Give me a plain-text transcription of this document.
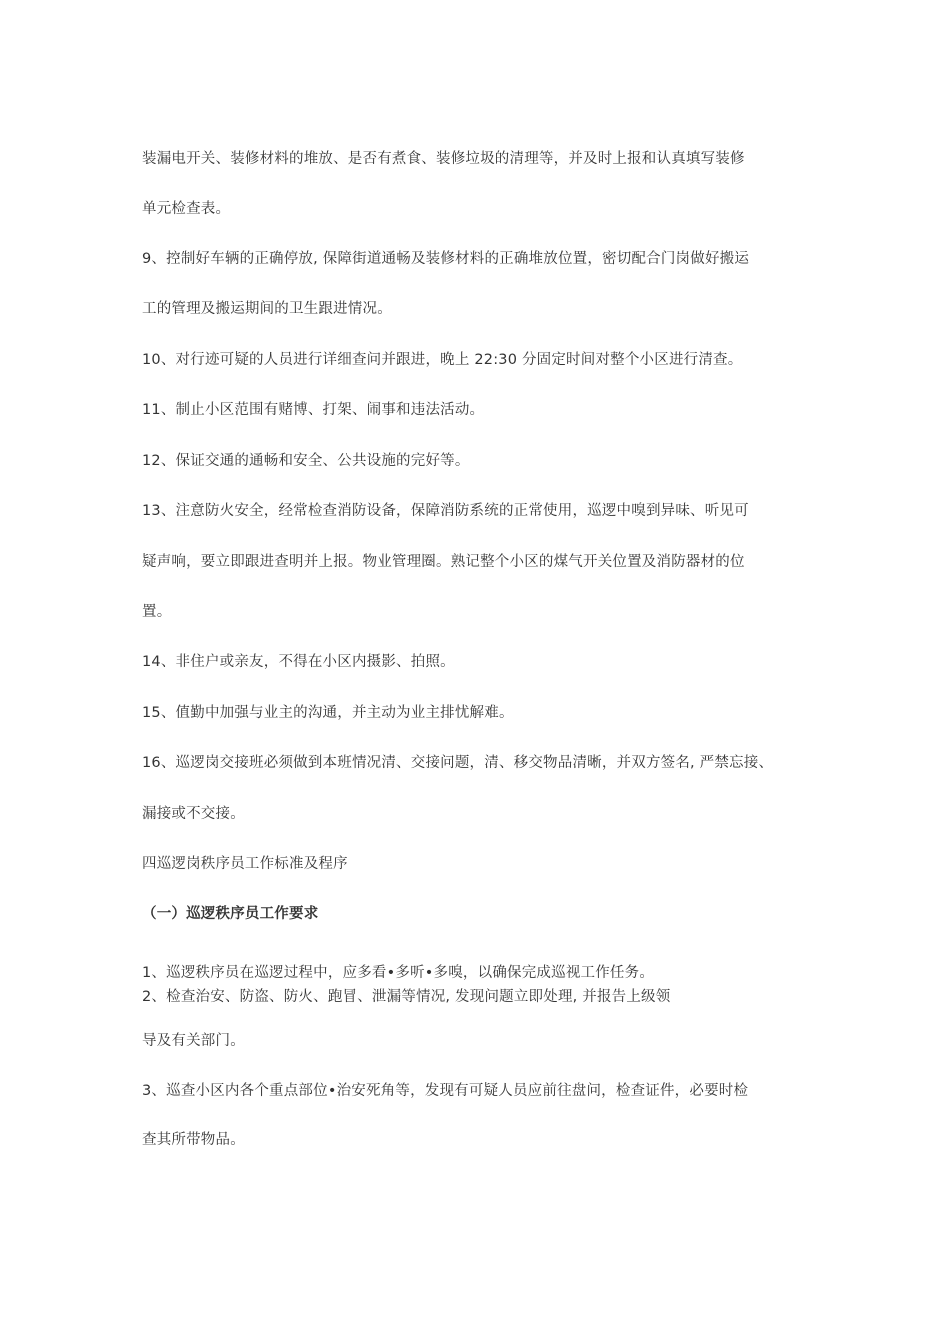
装漏电开关、装修材料的堆放、是否有煮食、装修垃圾的清理等，并及时上报和认真填写装修
单元检查表。
9、控制好车辆的正确停放, 保障街道通畅及装修材料的正确堆放位置，密切配合门岗做好搬运
工的管理及搬运期间的卫生跟进情况。
10、对行迹可疑的人员进行详细查问并跟进，晚上 22:30 分固定时间对整个小区进行清查。
11、制止小区范围有赌博、打架、闹事和违法活动。
12、保证交通的通畅和安全、公共设施的完好等。
13、注意防火安全，经常检查消防设备，保障消防系统的正常使用，巡逻中嗅到异味、听见可
疑声响，要立即跟进查明并上报。物业管理圈。熟记整个小区的煤气开关位置及消防器材的位
置。
14、非住户或亲友，不得在小区内摄影、拍照。
15、值勤中加强与业主的沟通，并主动为业主排忧解难。
16、巡逻岗交接班必须做到本班情况清、交接问题，清、移交物品清晰，并双方签名, 严禁忘接、
漏接或不交接。
四巡逻岗秩序员工作标准及程序
（一）巡逻秩序员工作要求
1、巡逻秩序员在巡逻过程中，应多看•多听•多嗅，以确保完成巡视工作任务。
2、检查治安、防盗、防火、跑冒、泄漏等情况, 发现问题立即处理, 并报告上级领
导及有关部门。
3、巡查小区内各个重点部位•治安死角等，发现有可疑人员应前往盘问，检查证件，必要时检
查其所带物品。
